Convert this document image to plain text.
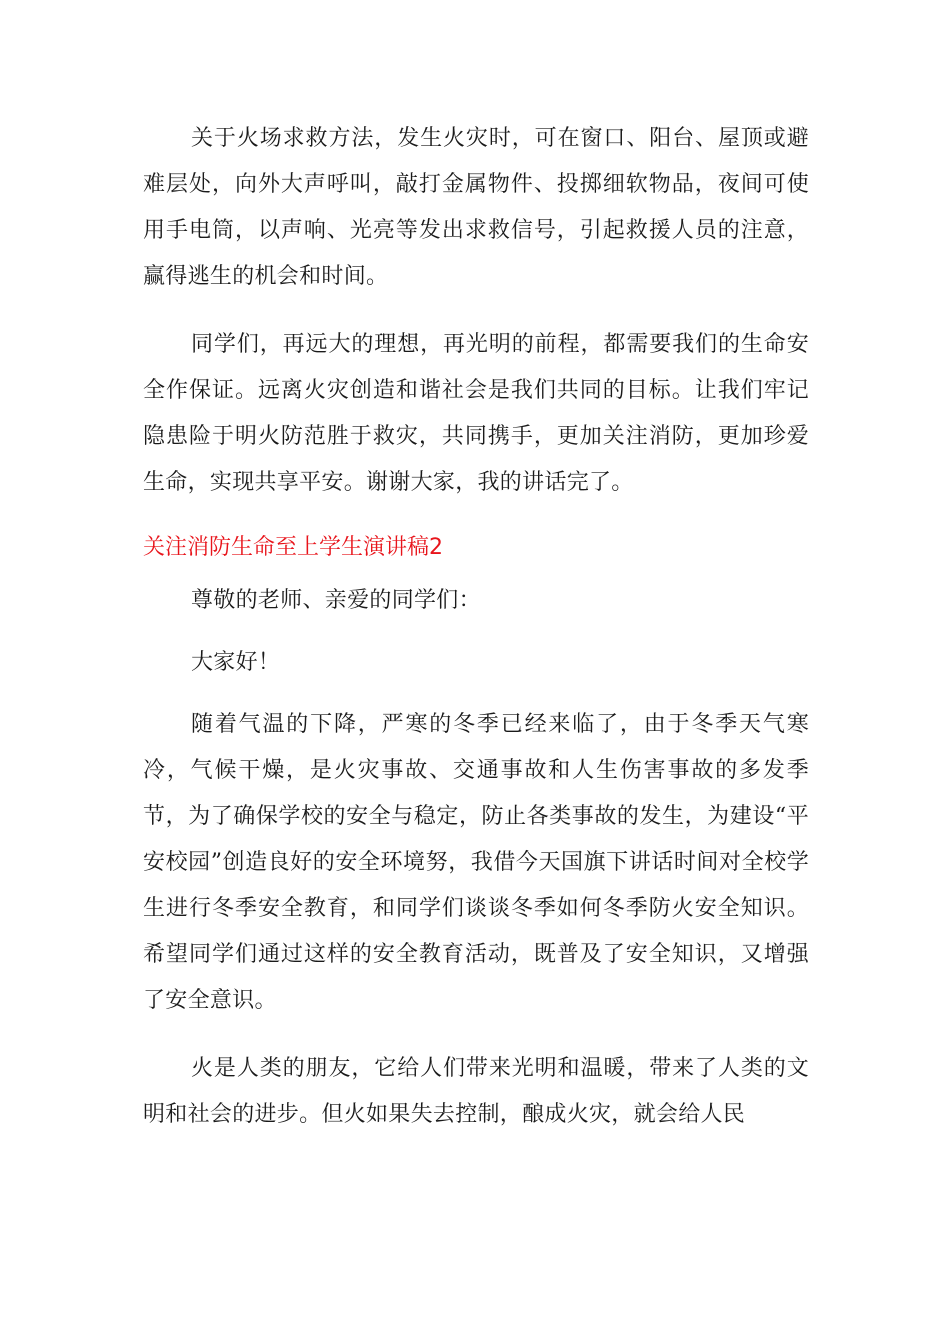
关于火场求救方法，发生火灾时，可在窗口、阳台、屋顶或避难层处，向外大声呼叫，敲打金属物件、投掷细软物品，夜间可使用手电筒，以声响、光亮等发出求救信号，引起救援人员的注意，赢得逃生的机会和时间。

同学们，再远大的理想，再光明的前程，都需要我们的生命安全作保证。远离火灾创造和谐社会是我们共同的目标。让我们牢记隐患险于明火防范胜于救灾，共同携手，更加关注消防，更加珍爱生命，实现共享平安。谢谢大家，我的讲话完了。

关注消防生命至上学生演讲稿2

尊敬的老师、亲爱的同学们：

大家好！

随着气温的下降，严寒的冬季已经来临了，由于冬季天气寒冷，气候干燥，是火灾事故、交通事故和人生伤害事故的多发季节，为了确保学校的安全与稳定，防止各类事故的发生，为建设“平安校园”创造良好的安全环境努，我借今天国旗下讲话时间对全校学生进行冬季安全教育，和同学们谈谈冬季如何冬季防火安全知识。希望同学们通过这样的安全教育活动，既普及了安全知识，又增强了安全意识。

火是人类的朋友，它给人们带来光明和温暖，带来了人类的文明和社会的进步。但火如果失去控制，酿成火灾，就会给人民
